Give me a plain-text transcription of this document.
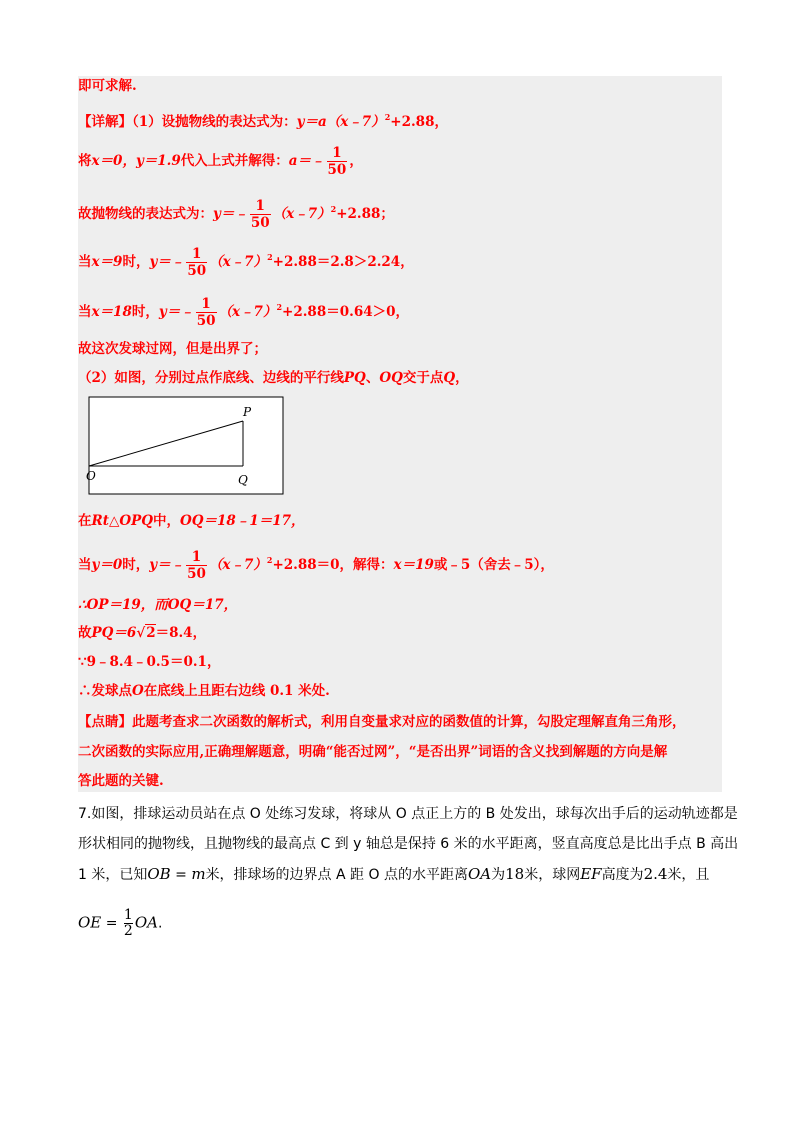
即可求解.
【详解】（1）设抛物线的表达式为：y＝a（x﹣7）$^2$+2.88，
将x＝0，y＝1.9代入上式并解得：a＝﹣ $\frac{1}{50}$ ，
故抛物线的表达式为：y＝﹣ $\frac{1}{50}$ （x﹣7）$^2$+2.88；
当x＝9时，y＝﹣ $\frac{1}{50}$ （x﹣7）$^2$+2.88＝2.8＞2.24，
当x＝18时，y＝﹣ $\frac{1}{50}$ （x﹣7）$^2$+2.88＝0.64＞0，
故这次发球过网，但是出界了；
（2）如图，分别过点作底线、边线的平行线PQ、OQ交于点Q，
O
P
Q
在Rt△OPQ中，OQ＝18﹣1＝17，
当y＝0时，y＝﹣ $\frac{1}{50}$ （x﹣7）$^2$+2.88＝0，解得：x＝19或﹣5（舍去﹣5），
∴OP＝19，而OQ＝17，
故PQ＝6√2＝8.4，
∵9﹣8.4﹣0.5＝0.1，
∴发球点O在底线上且距右边线 0.1 米处.
【点睛】此题考查求二次函数的解析式，利用自变量求对应的函数值的计算，勾股定理解直角三角形，
二次函数的实际应用,正确理解题意，明确“能否过网”，“是否出界”词语的含义找到解题的方向是解
答此题的关键.
7.如图，排球运动员站在点 O 处练习发球，将球从 O 点正上方的 B 处发出，球每次出手后的运动轨迹都是
形状相同的抛物线，且抛物线的最高点 C 到 y 轴总是保持 6 米的水平距离，竖直高度总是比出手点 B 高出
1 米，已知OB = m米，排球场的边界点 A 距 O 点的水平距离OA为18米，球网EF高度为2.4米，且
OE = $\frac{1}{2}$ OA.
